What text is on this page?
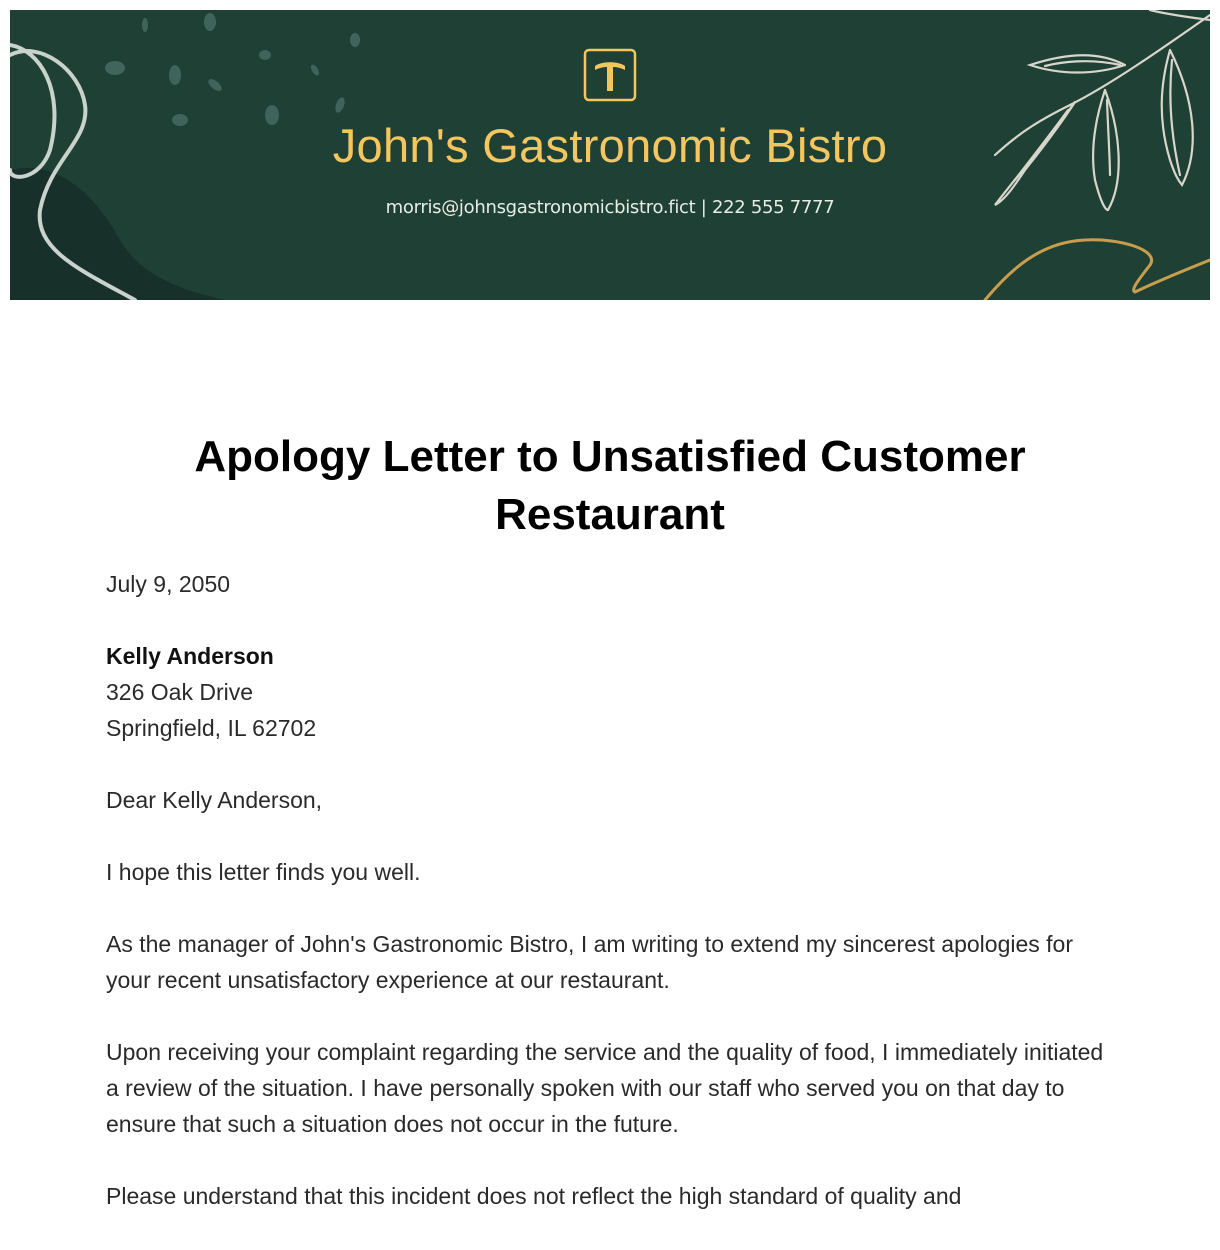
John's Gastronomic Bistro
morris@johnsgastronomicbistro.fict | 222 555 7777
Apology Letter to Unsatisfied Customer Restaurant

July 9, 2050

Kelly Anderson
326 Oak Drive
Springfield, IL 62702

Dear Kelly Anderson,

I hope this letter finds you well.

As the manager of John's Gastronomic Bistro, I am writing to extend my sincerest apologies for your recent unsatisfactory experience at our restaurant.

Upon receiving your complaint regarding the service and the quality of food, I immediately initiated a review of the situation. I have personally spoken with our staff who served you on that day to ensure that such a situation does not occur in the future.

Please understand that this incident does not reflect the high standard of quality and
